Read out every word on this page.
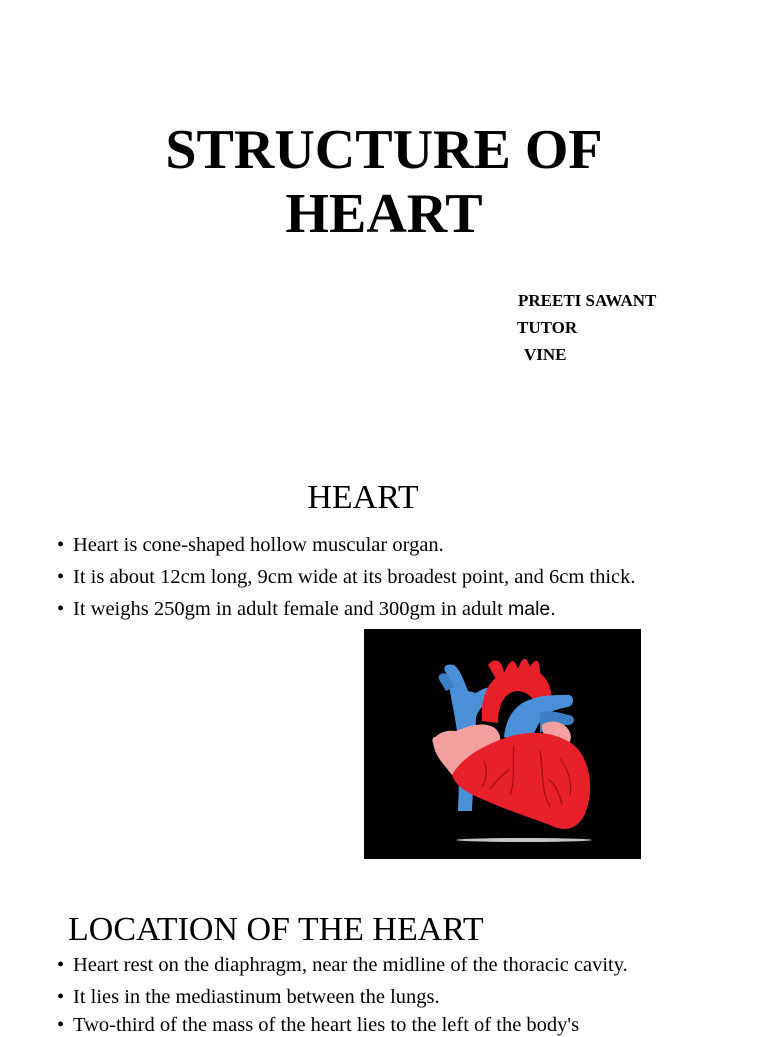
STRUCTURE OF
HEART
PREETI SAWANT
TUTOR
VINE
HEART
• Heart is cone-shaped hollow muscular organ.
• It is about 12cm long, 9cm wide at its broadest point, and 6cm thick.
• It weighs 250gm in adult female and 300gm in adult male.
LOCATION OF THE HEART
• Heart rest on the diaphragm, near the midline of the thoracic cavity.
• It lies in the mediastinum between the lungs.
• Two-third of the mass of the heart lies to the left of the body's
